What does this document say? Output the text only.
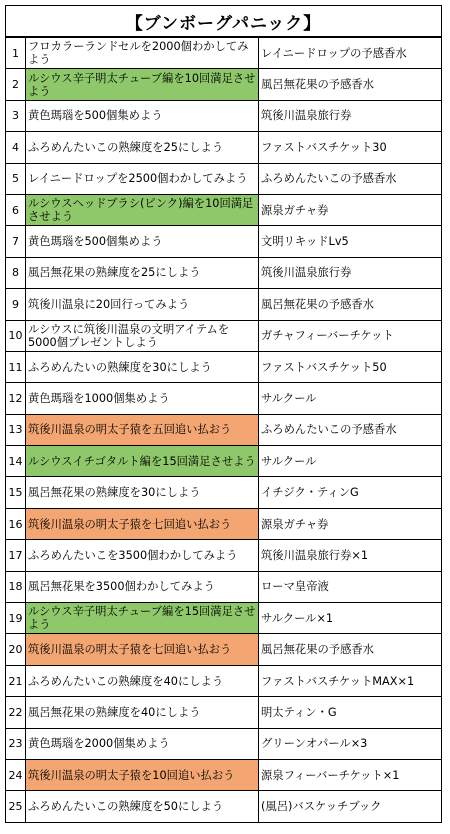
【ブンボーグパニック】
1	フロカラーランドセルを2000個わかしてみよう	レイニードロップの予感香水
2	ルシウス辛子明太チューブ編を10回満足させよう	風呂無花果の予感香水
3	黄色瑪瑙を500個集めよう	筑後川温泉旅行券
4	ふろめんたいこの熟練度を25にしよう	ファストバスチケット30
5	レイニードロップを2500個わかしてみよう	ふろめんたいこの予感香水
6	ルシウスヘッドブラシ(ピンク)編を10回満足させよう	源泉ガチャ券
7	黄色瑪瑙を500個集めよう	文明リキッドLv5
8	風呂無花果の熟練度を25にしよう	筑後川温泉旅行券
9	筑後川温泉に20回行ってみよう	風呂無花果の予感香水
10	ルシウスに筑後川温泉の文明アイテムを5000個プレゼントしよう	ガチャフィーバーチケット
11	ふろめんたいの熟練度を30にしよう	ファストバスチケット50
12	黄色瑪瑙を1000個集めよう	サルクール
13	筑後川温泉の明太子猿を五回追い払おう	ふろめんたいこの予感香水
14	ルシウスイチゴタルト編を15回満足させよう	サルクール
15	風呂無花果の熟練度を30にしよう	イチジク・ティンG
16	筑後川温泉の明太子猿を七回追い払おう	源泉ガチャ券
17	ふろめんたいこを3500個わかしてみよう	筑後川温泉旅行券×1
18	風呂無花果を3500個わかしてみよう	ローマ皇帝液
19	ルシウス辛子明太チューブ編を15回満足させよう	サルクール×1
20	筑後川温泉の明太子猿を七回追い払おう	風呂無花果の予感香水
21	ふろめんたいこの熟練度を40にしよう	ファストバスチケットMAX×1
22	風呂無花果の熟練度を40にしよう	明太ティン・G
23	黄色瑪瑙を2000個集めよう	グリーンオパール×3
24	筑後川温泉の明太子猿を10回追い払おう	源泉フィーバーチケット×1
25	ふろめんたいこの熟練度を50にしよう	(風呂)バスケッチブック
